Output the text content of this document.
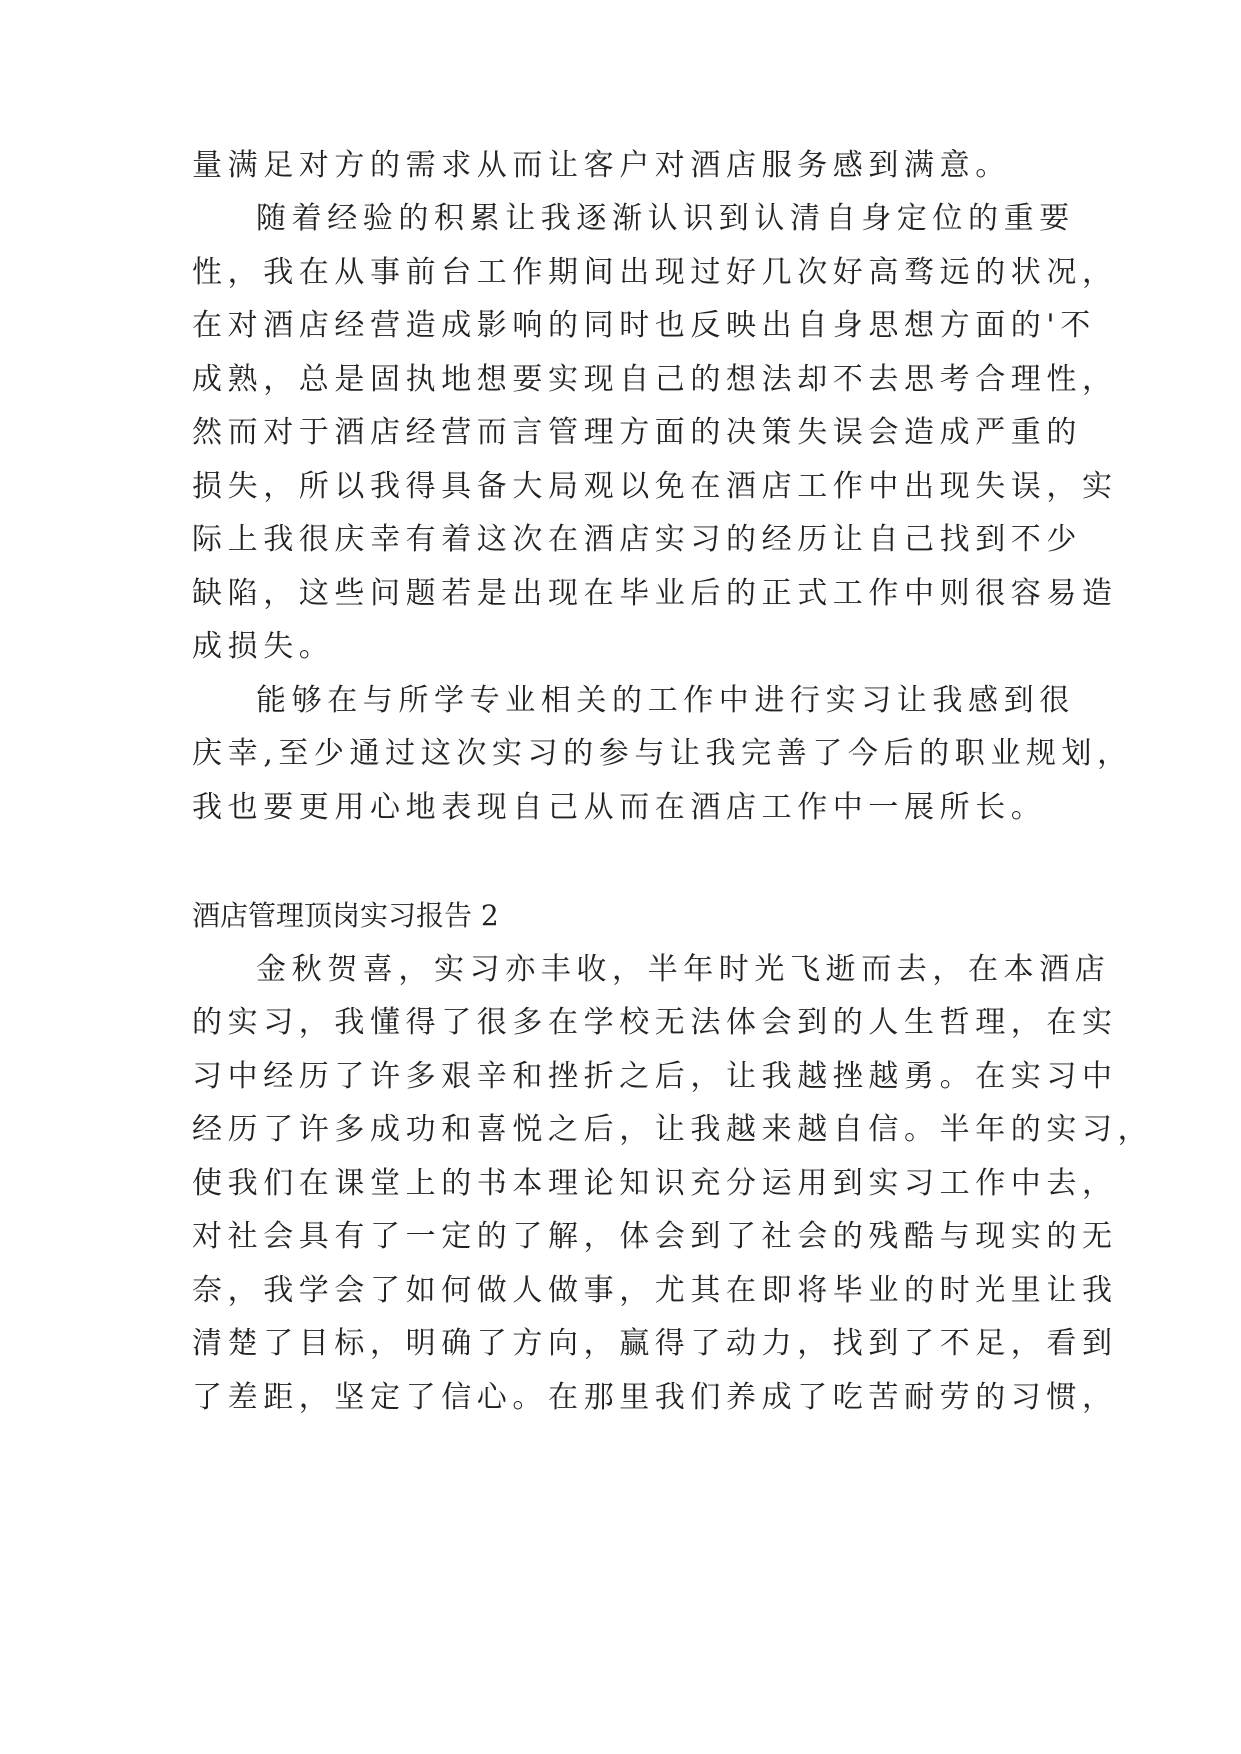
量满足对方的需求从而让客户对酒店服务感到满意。
随着经验的积累让我逐渐认识到认清自身定位的重要
性，我在从事前台工作期间出现过好几次好高骛远的状况，
在对酒店经营造成影响的同时也反映出自身思想方面的'不
成熟，总是固执地想要实现自己的想法却不去思考合理性，
然而对于酒店经营而言管理方面的决策失误会造成严重的
损失，所以我得具备大局观以免在酒店工作中出现失误，实
际上我很庆幸有着这次在酒店实习的经历让自己找到不少
缺陷，这些问题若是出现在毕业后的正式工作中则很容易造
成损失。
能够在与所学专业相关的工作中进行实习让我感到很
庆幸,至少通过这次实习的参与让我完善了今后的职业规划，
我也要更用心地表现自己从而在酒店工作中一展所长。
酒店管理顶岗实习报告 2
金秋贺喜，实习亦丰收，半年时光飞逝而去，在本酒店
的实习，我懂得了很多在学校无法体会到的人生哲理，在实
习中经历了许多艰辛和挫折之后，让我越挫越勇。在实习中
经历了许多成功和喜悦之后，让我越来越自信。半年的实习，
使我们在课堂上的书本理论知识充分运用到实习工作中去，
对社会具有了一定的了解，体会到了社会的残酷与现实的无
奈，我学会了如何做人做事，尤其在即将毕业的时光里让我
清楚了目标，明确了方向，赢得了动力，找到了不足，看到
了差距，坚定了信心。在那里我们养成了吃苦耐劳的习惯，
